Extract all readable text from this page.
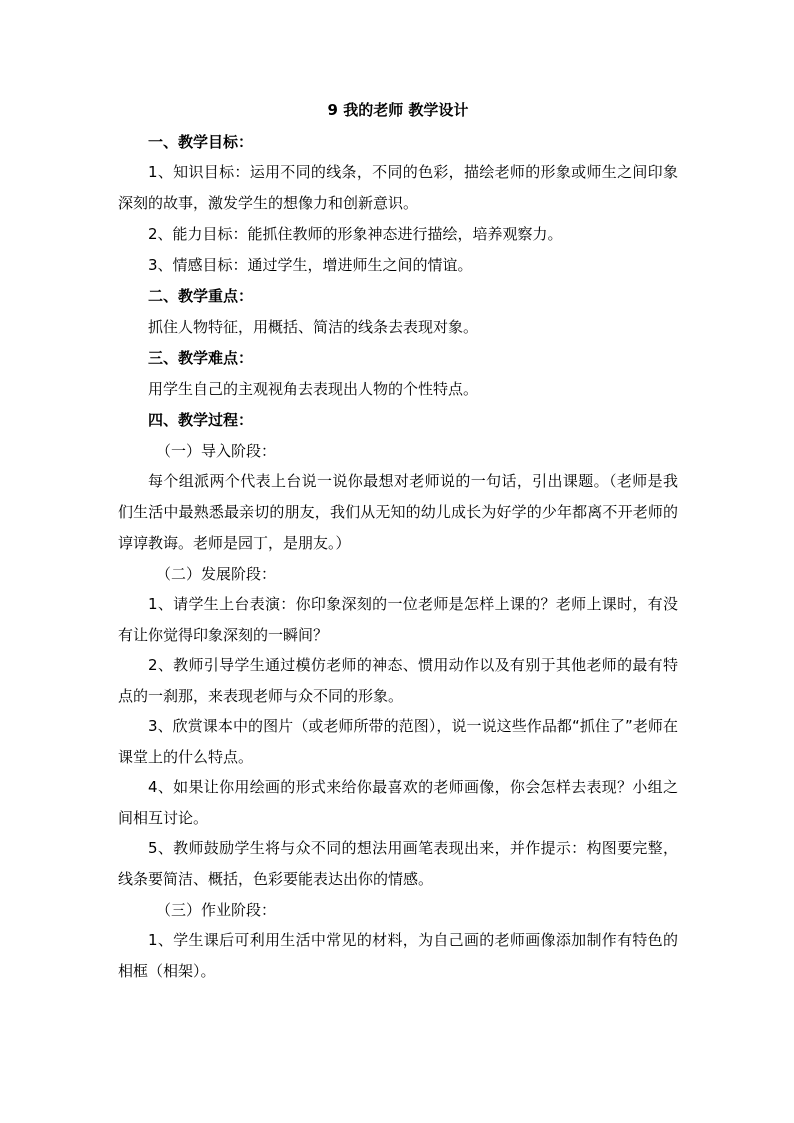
9 我的老师 教学设计
一、教学目标：
1、知识目标：运用不同的线条，不同的色彩，描绘老师的形象或师生之间印象深刻的故事，激发学生的想像力和创新意识。
2、能力目标：能抓住教师的形象神态进行描绘，培养观察力。
3、情感目标：通过学生，增进师生之间的情谊。
二、教学重点：
抓住人物特征，用概括、简洁的线条去表现对象。
三、教学难点：
用学生自己的主观视角去表现出人物的个性特点。
四、教学过程：
（一）导入阶段：
每个组派两个代表上台说一说你最想对老师说的一句话，引出课题。（老师是我们生活中最熟悉最亲切的朋友，我们从无知的幼儿成长为好学的少年都离不开老师的谆谆教诲。老师是园丁，是朋友。）
（二）发展阶段：
1、请学生上台表演：你印象深刻的一位老师是怎样上课的？老师上课时，有没有让你觉得印象深刻的一瞬间？
2、教师引导学生通过模仿老师的神态、惯用动作以及有别于其他老师的最有特点的一刹那，来表现老师与众不同的形象。
3、欣赏课本中的图片（或老师所带的范图），说一说这些作品都“抓住了”老师在课堂上的什么特点。
4、如果让你用绘画的形式来给你最喜欢的老师画像，你会怎样去表现？小组之间相互讨论。
5、教师鼓励学生将与众不同的想法用画笔表现出来，并作提示：构图要完整，线条要简洁、概括，色彩要能表达出你的情感。
（三）作业阶段：
1、学生课后可利用生活中常见的材料，为自己画的老师画像添加制作有特色的相框（相架）。
